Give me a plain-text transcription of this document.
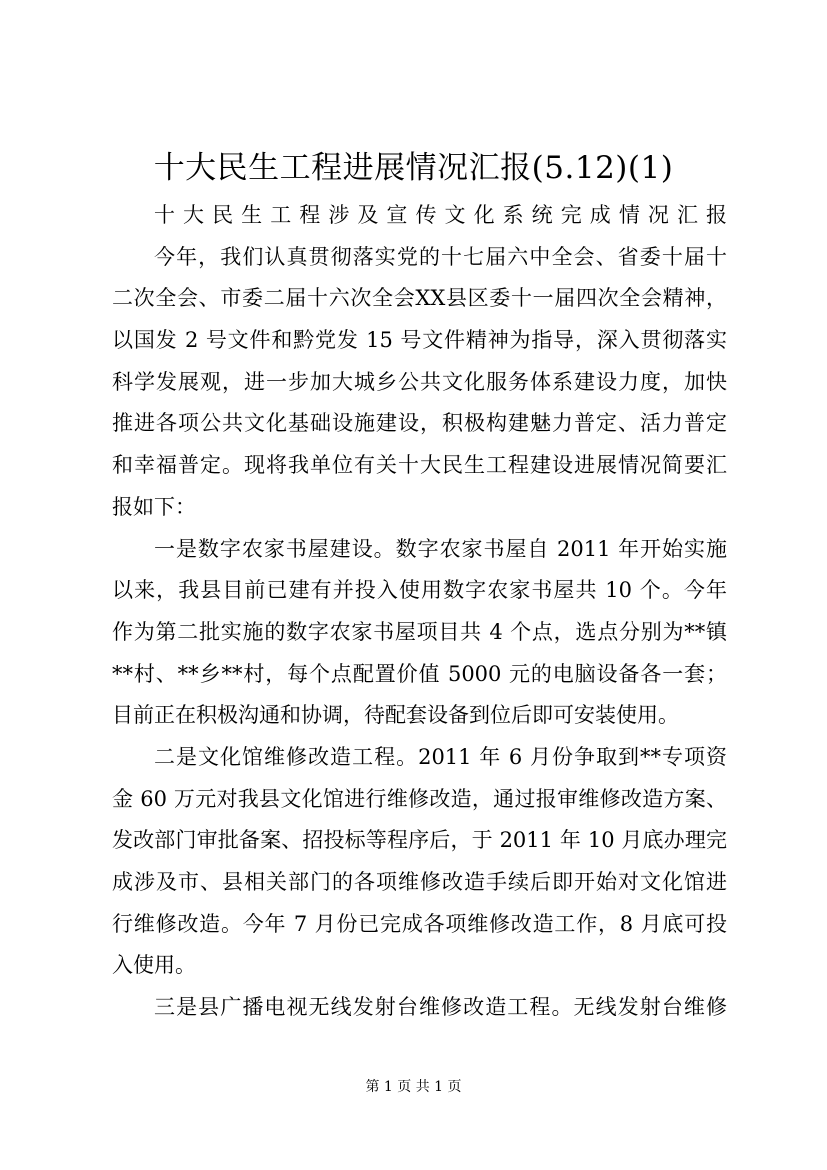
十大民生工程进展情况汇报(5.12)(1)
十大民生工程涉及宣传文化系统完成情况汇报
今年，我们认真贯彻落实党的十七届六中全会、省委十届十
二次全会、市委二届十六次全会XX县区委十一届四次全会精神，
以国发 2 号文件和黔党发 15 号文件精神为指导，深入贯彻落实
科学发展观，进一步加大城乡公共文化服务体系建设力度，加快
推进各项公共文化基础设施建设，积极构建魅力普定、活力普定
和幸福普定。现将我单位有关十大民生工程建设进展情况简要汇
报如下：
一是数字农家书屋建设。数字农家书屋自 2011 年开始实施
以来，我县目前已建有并投入使用数字农家书屋共 10 个。今年
作为第二批实施的数字农家书屋项目共 4 个点，选点分别为**镇
**村、**乡**村，每个点配置价值 5000 元的电脑设备各一套；
目前正在积极沟通和协调，待配套设备到位后即可安装使用。
二是文化馆维修改造工程。2011 年 6 月份争取到**专项资
金 60 万元对我县文化馆进行维修改造，通过报审维修改造方案、
发改部门审批备案、招投标等程序后，于 2011 年 10 月底办理完
成涉及市、县相关部门的各项维修改造手续后即开始对文化馆进
行维修改造。今年 7 月份已完成各项维修改造工作，8 月底可投
入使用。
三是县广播电视无线发射台维修改造工程。无线发射台维修
第 1 页 共 1 页
